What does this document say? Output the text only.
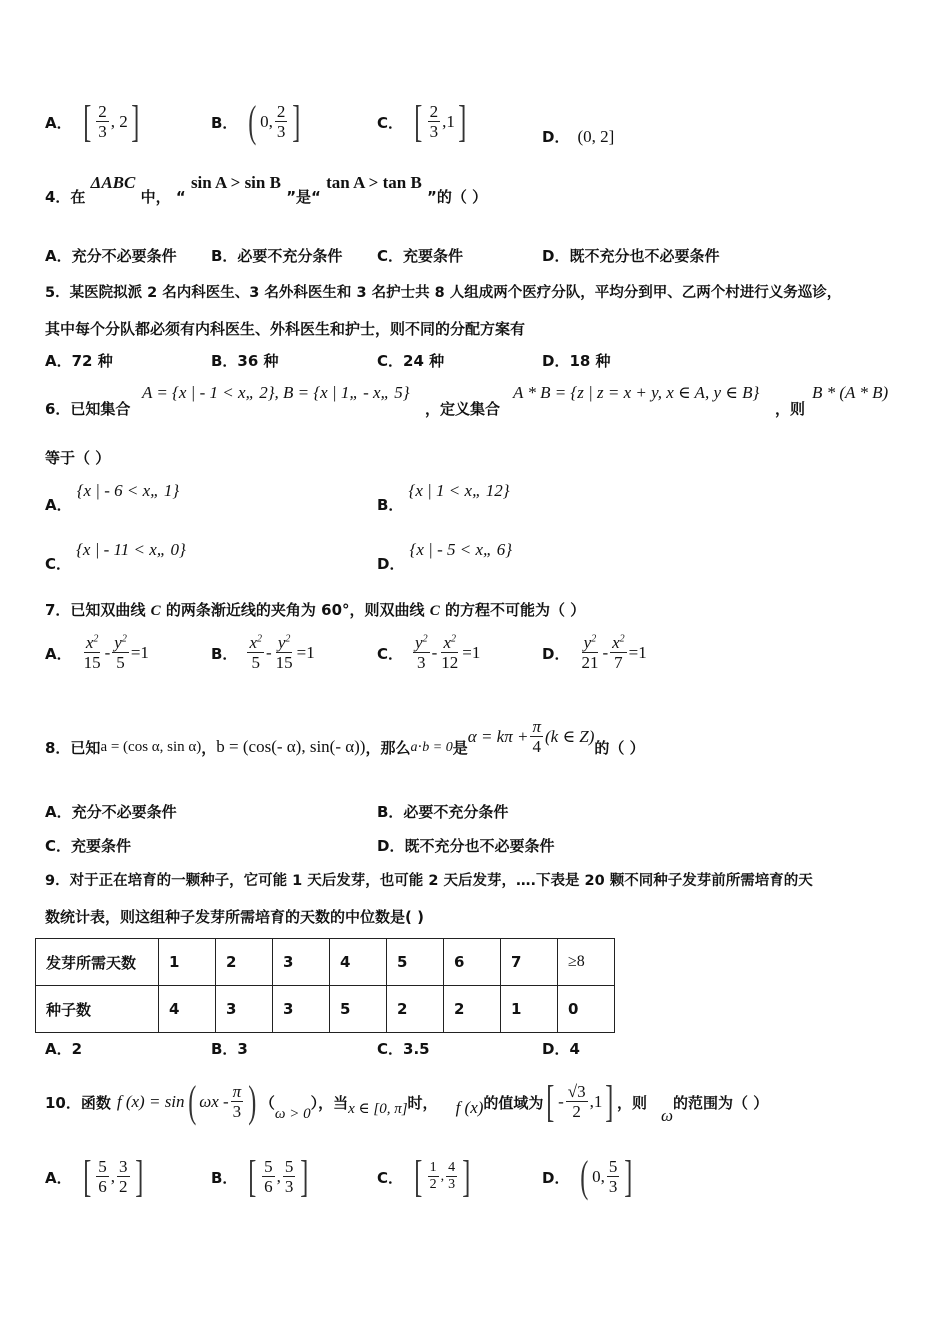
A． [ $\frac{2}{3}$ , 2 ]	B． ( 0, $\frac{2}{3}$ ]	C． [ $\frac{2}{3} ,1$ ]	D． (0, 2]
4．在 ΔABC 中， “ sin A > sin B ”是“ tan A > tan B ”的（ ）
A．充分不必要条件 B．必要不充分条件 C．充要条件	D．既不充分也不必要条件
5．某医院拟派 2 名内科医生、3 名外科医生和 3 名护士共 8 人组成两个医疗分队，平均分到甲、乙两个村进行义务巡诊，
其中每个分队都必须有内科医生、外科医生和护士，则不同的分配方案有
A．72 种	B．36 种	C．24 种	D．18 种
6．已知集合
A = {x | - 1 < x„ 2}, B = {x | 1„ - x„ 5}
，定义集合
A * B = {z | z = x + y, x ∈ A, y ∈ B}
，则
B * (A * B)
等于（ ）
A． {x | - 6 < x„ 1}
B． {x | 1 < x„ 12}
C． {x | - 11 < x„ 0}
D． {x | - 5 < x„ 6}
7．已知双曲线 C 的两条渐近线的夹角为 60°，则双曲线 C 的方程不可能为（ ）
A． $\frac{x^2}{15} - \frac{y^2}{5} =1$	B． $\frac{x^2}{5} - \frac{y^2}{15} =1$	C． $\frac{y^2}{3} - \frac{x^2}{12} =1$	D． $\frac{y^2}{21} - \frac{x^2}{7} =1$
8．已知 a = (cos α, sin α) ， b = (cos(- α), sin(- α)) ，那么 a⋅b = 0 是
$\alpha = k\pi + \frac{\pi}{4} (k$ ∈ Z)
的（ ）
A．充分不必要条件	B．必要不充分条件
C．充要条件	D．既不充分也不必要条件
9．对于正在培育的一颗种子，它可能 1 天后发芽，也可能 2 天后发芽，….下表是 20 颗不同种子发芽前所需培育的天
数统计表，则这组种子发芽所需培育的天数的中位数是( )
发芽所需天数	1	2	3	4	5	6	7	≥8
种子数	4	3	3	5	2	2	1	0
A．2	B．3	C．3.5	D．4
10．函数 f (x) = sin ( ωx - $\frac{\pi}{3}$ ) （
ω > 0
），当 x ∈ [0, π] 时， f (x) 的值域为 [ - $\frac{√3}{2} ,1$ ] ，则
ω
的范围为（ ）
A． [ $\frac{5}{6}$ , $\frac{3}{2}$ ]	B． [ $\frac{5}{6}$ , $\frac{5}{3}$ ]	C． [ $\frac{1}{2}$ , $\frac{4}{3}$ ]	D． ( 0, $\frac{5}{3}$ ]
